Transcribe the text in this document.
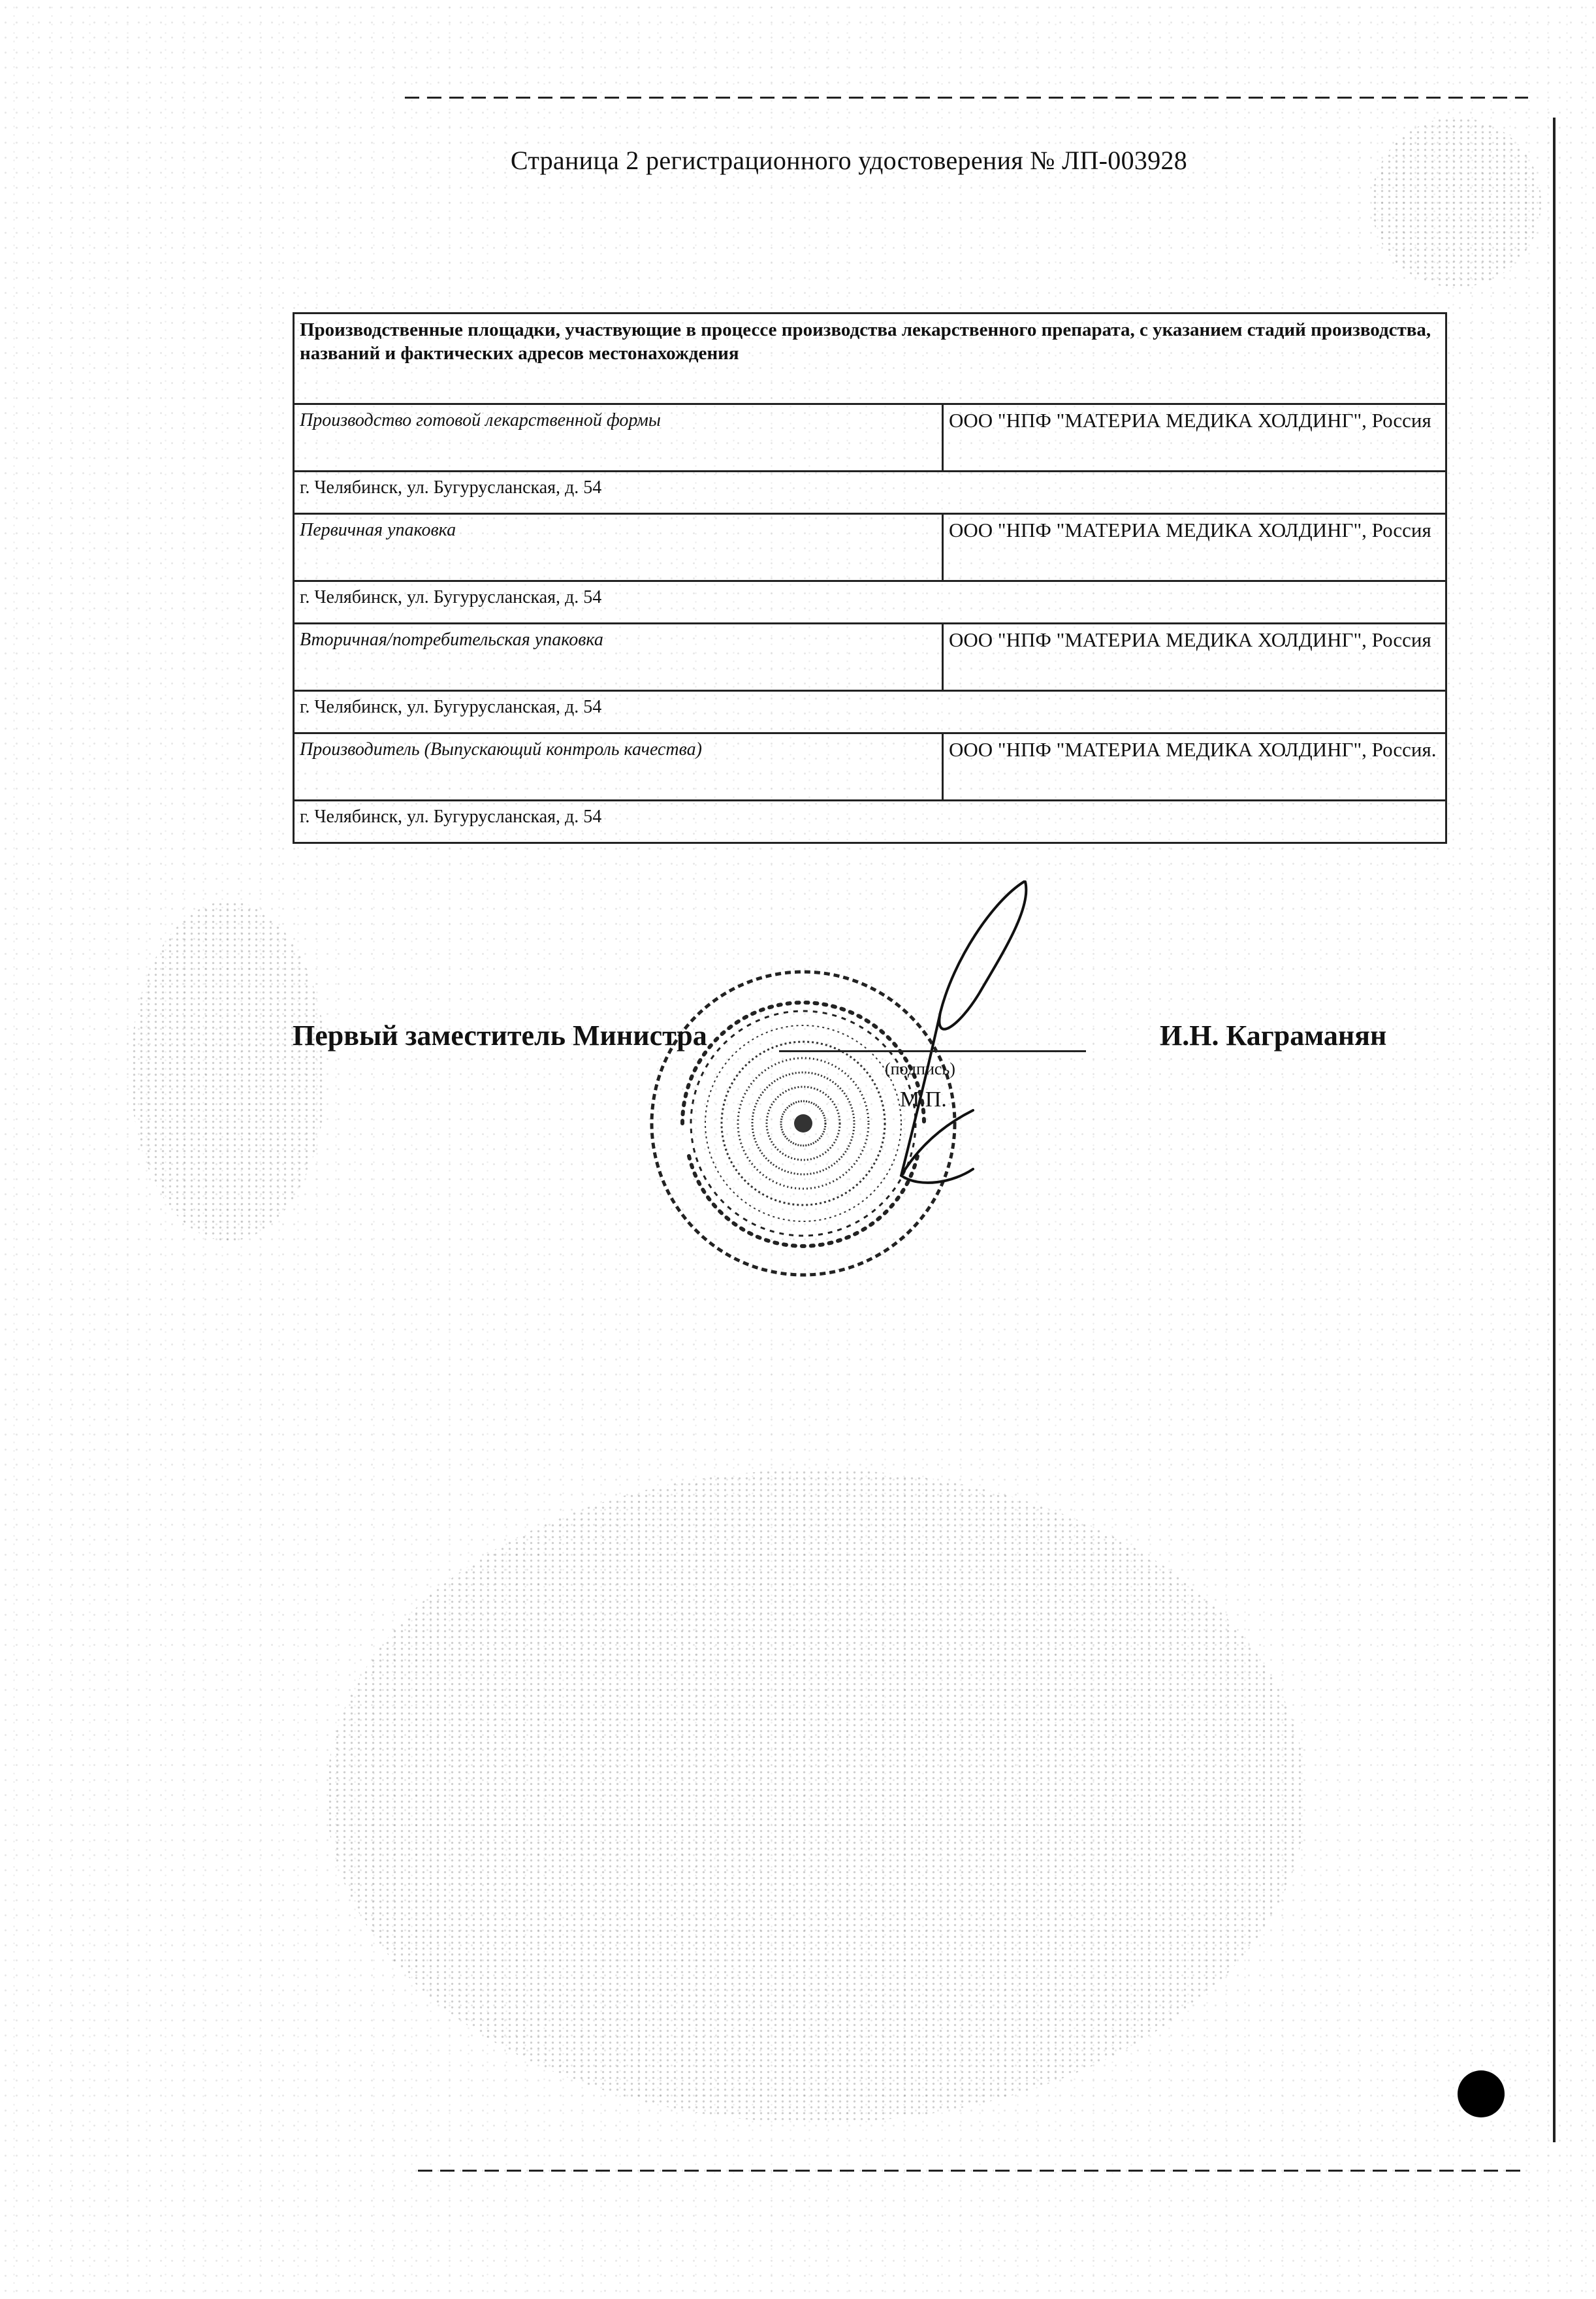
Страница 2 регистрационного удостоверения № ЛП-003928
Производственные площадки, участвующие в процессе производства лекарственного препарата, с указанием стадий производства, названий и фактических адресов местонахождения	
Производство готовой лекарственной формы	ООО "НПФ "МАТЕРИА МЕДИКА ХОЛДИНГ", Россия
г. Челябинск, ул. Бугурусланская, д. 54	
Первичная упаковка	ООО "НПФ "МАТЕРИА МЕДИКА ХОЛДИНГ", Россия
г. Челябинск, ул. Бугурусланская, д. 54	
Вторичная/потребительская упаковка	ООО "НПФ "МАТЕРИА МЕДИКА ХОЛДИНГ", Россия
г. Челябинск, ул. Бугурусланская, д. 54	
Производитель (Выпускающий контроль качества)	ООО "НПФ "МАТЕРИА МЕДИКА ХОЛДИНГ", Россия.
г. Челябинск, ул. Бугурусланская, д. 54	
Первый заместитель Министра	И.Н. Каграманян
(подпись)
М.П.
